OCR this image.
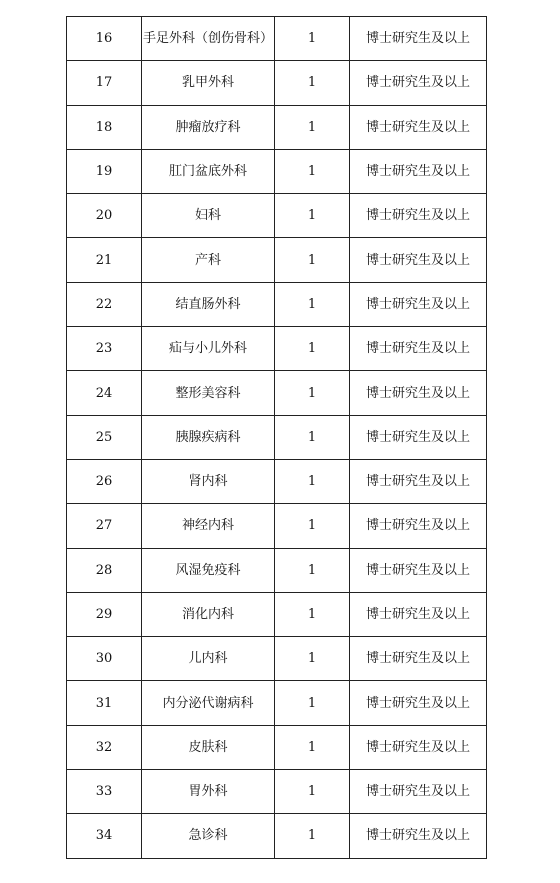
16	手足外科（创伤骨科）	1	博士研究生及以上
17	乳甲外科	1	博士研究生及以上
18	肿瘤放疗科	1	博士研究生及以上
19	肛门盆底外科	1	博士研究生及以上
20	妇科	1	博士研究生及以上
21	产科	1	博士研究生及以上
22	结直肠外科	1	博士研究生及以上
23	疝与小儿外科	1	博士研究生及以上
24	整形美容科	1	博士研究生及以上
25	胰腺疾病科	1	博士研究生及以上
26	肾内科	1	博士研究生及以上
27	神经内科	1	博士研究生及以上
28	风湿免疫科	1	博士研究生及以上
29	消化内科	1	博士研究生及以上
30	儿内科	1	博士研究生及以上
31	内分泌代谢病科	1	博士研究生及以上
32	皮肤科	1	博士研究生及以上
33	胃外科	1	博士研究生及以上
34	急诊科	1	博士研究生及以上
